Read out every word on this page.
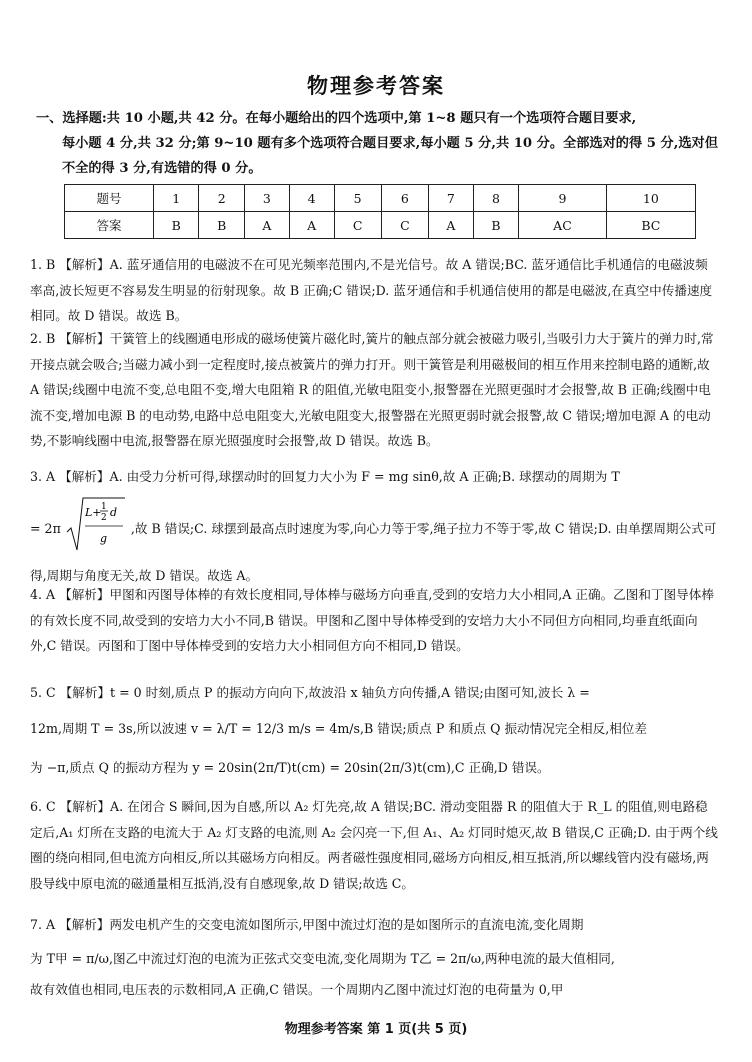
物理参考答案
一、选择题:共 10 小题,共 42 分。在每小题给出的四个选项中,第 1~8 题只有一个选项符合题目要求,
每小题 4 分,共 32 分;第 9~10 题有多个选项符合题目要求,每小题 5 分,共 10 分。全部选对的得 5 分,选对但不全的得 3 分,有选错的得 0 分。
题号	1	2	3	4	5	6	7	8	9	10
答案	B	B	A	A	C	C	A	B	AC	BC
1. B 【解析】A. 蓝牙通信用的电磁波不在可见光频率范围内,不是光信号。故 A 错误;BC. 蓝牙通信比手机通信的电磁波频率高,波长短更不容易发生明显的衍射现象。故 B 正确;C 错误;D. 蓝牙通信和手机通信使用的都是电磁波,在真空中传播速度相同。故 D 错误。故选 B。
2. B 【解析】干簧管上的线圈通电形成的磁场使簧片磁化时,簧片的触点部分就会被磁力吸引,当吸引力大于簧片的弹力时,常开接点就会吸合;当磁力减小到一定程度时,接点被簧片的弹力打开。则干簧管是利用磁极间的相互作用来控制电路的通断,故 A 错误;线圈中电流不变,总电阻不变,增大电阻箱 R 的阻值,光敏电阻变小,报警器在光照更强时才会报警,故 B 正确;线圈中电流不变,增加电源 B 的电动势,电路中总电阻变大,光敏电阻变大,报警器在光照更弱时就会报警,故 C 错误;增加电源 A 的电动势,不影响线圈中电流,报警器在原光照强度时会报警,故 D 错误。故选 B。
3. A 【解析】A. 由受力分析可得,球摆动时的回复力大小为 F = mg sinθ,故 A 正确;B. 球摆动的周期为 T
= 2π
L+ 1
2 d
g
,故 B 错误;C. 球摆到最高点时速度为零,向心力等于零,绳子拉力不等于零,故 C 错误;D. 由单摆周期公式可得,周期与角度无关,故 D 错误。故选 A。
4. A 【解析】甲图和丙图导体棒的有效长度相同,导体棒与磁场方向垂直,受到的安培力大小相同,A 正确。乙图和丁图导体棒的有效长度不同,故受到的安培力大小不同,B 错误。甲图和乙图中导体棒受到的安培力大小不同但方向相同,均垂直纸面向外,C 错误。丙图和丁图中导体棒受到的安培力大小相同但方向不相同,D 错误。
5. C 【解析】t = 0 时刻,质点 P 的振动方向向下,故波沿 x 轴负方向传播,A 错误;由图可知,波长 λ =
12m,周期 T = 3s,所以波速 v = λ/T = 12/3 m/s = 4m/s,B 错误;质点 P 和质点 Q 振动情况完全相反,相位差
为 −π,质点 Q 的振动方程为 y = 20sin(2π/T)t(cm) = 20sin(2π/3)t(cm),C 正确,D 错误。
6. C 【解析】A. 在闭合 S 瞬间,因为自感,所以 A₂ 灯先亮,故 A 错误;BC. 滑动变阻器 R 的阻值大于 R_L 的阻值,则电路稳定后,A₁ 灯所在支路的电流大于 A₂ 灯支路的电流,则 A₂ 会闪亮一下,但 A₁、A₂ 灯同时熄灭,故 B 错误,C 正确;D. 由于两个线圈的绕向相同,但电流方向相反,所以其磁场方向相反。两者磁性强度相同,磁场方向相反,相互抵消,所以螺线管内没有磁场,两股导线中原电流的磁通量相互抵消,没有自感现象,故 D 错误;故选 C。
7. A 【解析】两发电机产生的交变电流如图所示,甲图中流过灯泡的是如图所示的直流电流,变化周期
为 T甲 = π/ω,图乙中流过灯泡的电流为正弦式交变电流,变化周期为 T乙 = 2π/ω,两种电流的最大值相同,
故有效值也相同,电压表的示数相同,A 正确,C 错误。一个周期内乙图中流过灯泡的电荷量为 0,甲
物理参考答案 第 1 页(共 5 页)
